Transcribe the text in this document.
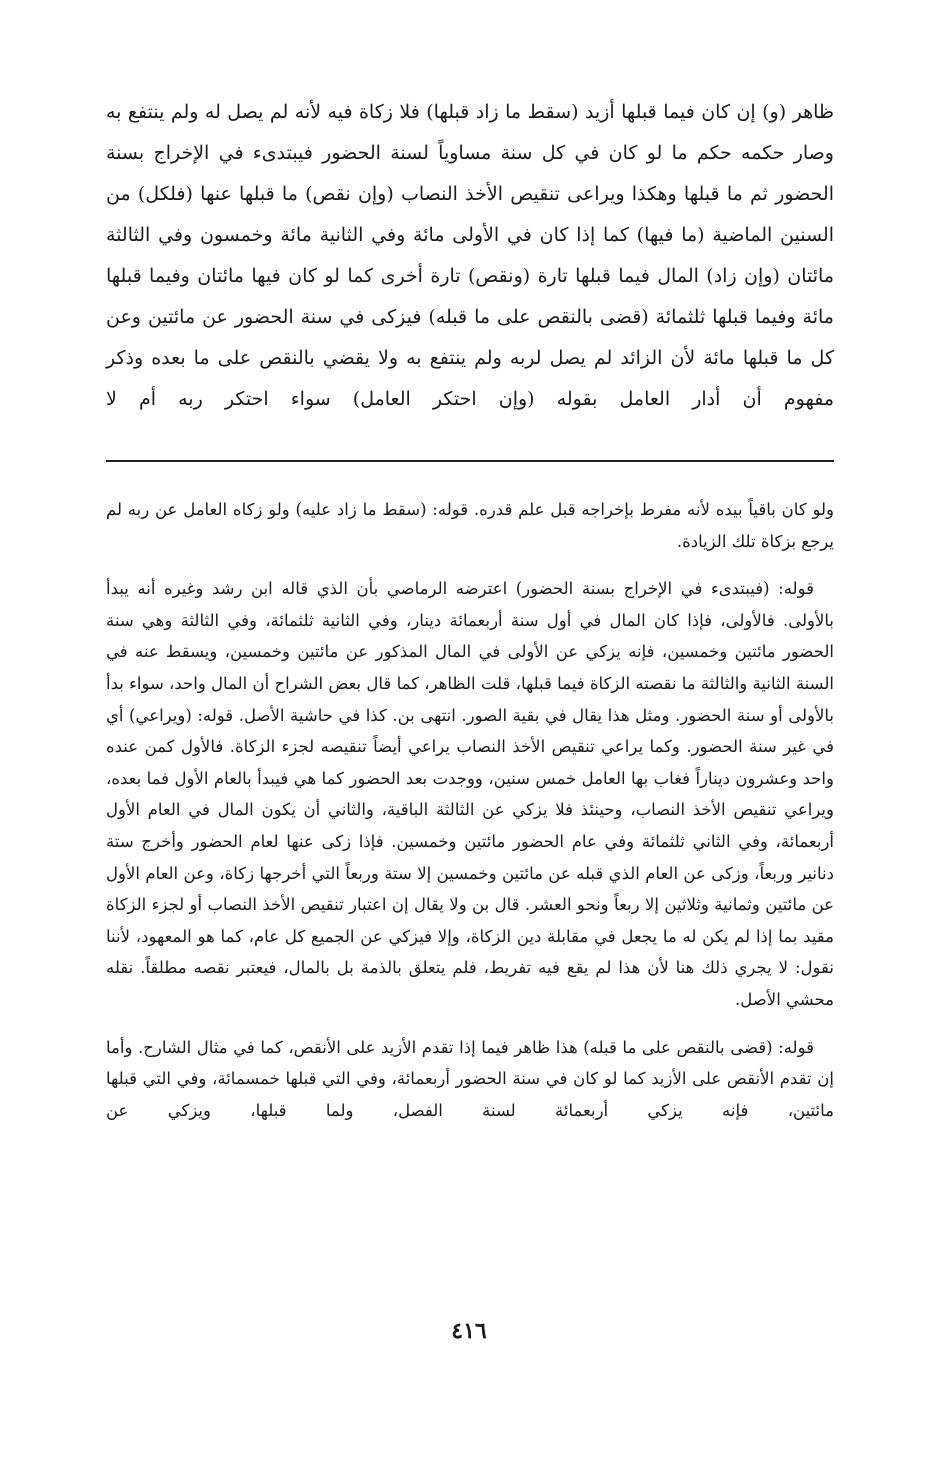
ظاهر (و) إن كان فيما قبلها أزيد (سقط ما زاد قبلها) فلا زكاة فيه لأنه لم يصل له ولم ينتفع به وصار حكمه حكم ما لو كان في كل سنة مساوياً لسنة الحضور فيبتدىء في الإخراج بسنة الحضور ثم ما قبلها وهكذا ويراعى تنقيص الأخذ النصاب (وإن نقص) ما قبلها عنها (فلكل) من السنين الماضية (ما فيها) كما إذا كان في الأولى مائة وفي الثانية مائة وخمسون وفي الثالثة مائتان (وإن زاد) المال فيما قبلها تارة (ونقص) تارة أخرى كما لو كان فيها مائتان وفيما قبلها مائة وفيما قبلها ثلثمائة (قضى بالنقص على ما قبله) فيزكى في سنة الحضور عن مائتين وعن كل ما قبلها مائة لأن الزائد لم يصل لربه ولم ينتفع به ولا يقضي بالنقص على ما بعده وذكر مفهوم أن أدار العامل بقوله (وإن احتكر العامل) سواء احتكر ربه أم لا

ولو كان باقياً بيده لأنه مفرط بإخراجه قبل علم قدره. قوله: (سقط ما زاد عليه) ولو زكاه العامل عن ربه لم يرجع بزكاة تلك الزيادة.

قوله: (فيبتدىء في الإخراج بسنة الحضور) اعترضه الرماصي بأن الذي قاله ابن رشد وغيره أنه يبدأ بالأولى. فالأولى، فإذا كان المال في أول سنة أربعمائة دينار، وفي الثانية ثلثمائة، وفي الثالثة وهي سنة الحضور مائتين وخمسين، فإنه يزكي عن الأولى في المال المذكور عن مائتين وخمسين، ويسقط عنه في السنة الثانية والثالثة ما نقصته الزكاة فيما قبلها، قلت الظاهر، كما قال بعض الشراح أن المال واحد، سواء بدأ بالأولى أو سنة الحضور. ومثل هذا يقال في بقية الصور. انتهى بن. كذا في حاشية الأصل. قوله: (ويراعي) أي في غير سنة الحضور. وكما يراعي تنقيص الأخذ النصاب يراعي أيضاً تنقيصه لجزء الزكاة. فالأول كمن عنده واحد وعشرون ديناراً فغاب بها العامل خمس سنين، ووجدت بعد الحضور كما هي فيبدأ بالعام الأول فما بعده، ويراعي تنقيص الأخذ النصاب، وحينئذ فلا يزكي عن الثالثة الباقية، والثاني أن يكون المال في العام الأول أربعمائة، وفي الثاني ثلثمائة وفي عام الحضور مائتين وخمسين. فإذا زكى عنها لعام الحضور وأخرج ستة دنانير وربعاً، وزكى عن العام الذي قبله عن مائتين وخمسين إلا ستة وربعاً التي أخرجها زكاة، وعن العام الأول عن مائتين وثمانية وثلاثين إلا ربعاً ونحو العشر. قال بن ولا يقال إن اعتبار تنقيص الأخذ النصاب أو لجزء الزكاة مقيد بما إذا لم يكن له ما يجعل في مقابلة دين الزكاة، وإلا فيزكي عن الجميع كل عام، كما هو المعهود، لأننا نقول: لا يجري ذلك هنا لأن هذا لم يقع فيه تفريط، فلم يتعلق بالذمة بل بالمال، فيعتبر نقصه مطلقاً. نقله محشي الأصل.

قوله: (قضى بالنقص على ما قبله) هذا ظاهر فيما إذا تقدم الأزيد على الأنقص، كما في مثال الشارح. وأما إن تقدم الأنقص على الأزيد كما لو كان في سنة الحضور أربعمائة، وفي التي قبلها خمسمائة، وفي التي قبلها مائتين، فإنه يزكي أربعمائة لسنة الفصل، ولما قبلها، ويزكي عن

٤١٦
